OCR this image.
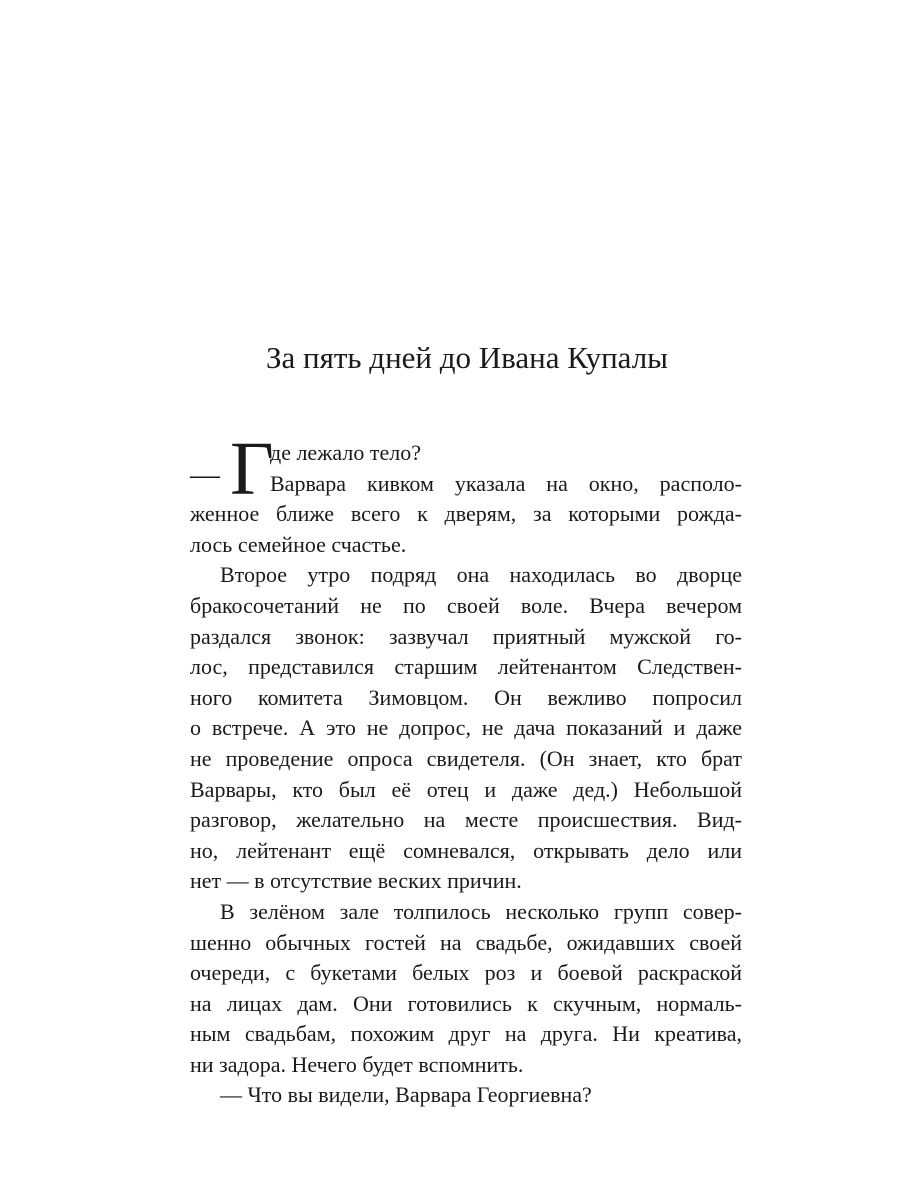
За пять дней до Ивана Купалы
— Г
де лежало тело?
Варвара кивком указала на окно, располо-
женное ближе всего к дверям, за которыми рожда-
лось семейное счастье.
Второе утро подряд она находилась во дворце
бракосочетаний не по своей воле. Вчера вечером
раздался звонок: зазвучал приятный мужской го-
лос, представился старшим лейтенантом Следствен-
ного комитета Зимовцом. Он вежливо попросил
о встрече. А это не допрос, не дача показаний и даже
не проведение опроса свидетеля. (Он знает, кто брат
Варвары, кто был её отец и даже дед.) Небольшой
разговор, желательно на месте происшествия. Вид-
но, лейтенант ещё сомневался, открывать дело или
нет — в отсутствие веских причин.
В зелёном зале толпилось несколько групп совер-
шенно обычных гостей на свадьбе, ожидавших своей
очереди, с букетами белых роз и боевой раскраской
на лицах дам. Они готовились к скучным, нормаль-
ным свадьбам, похожим друг на друга. Ни креатива,
ни задора. Нечего будет вспомнить.
— Что вы видели, Варвара Георгиевна?
